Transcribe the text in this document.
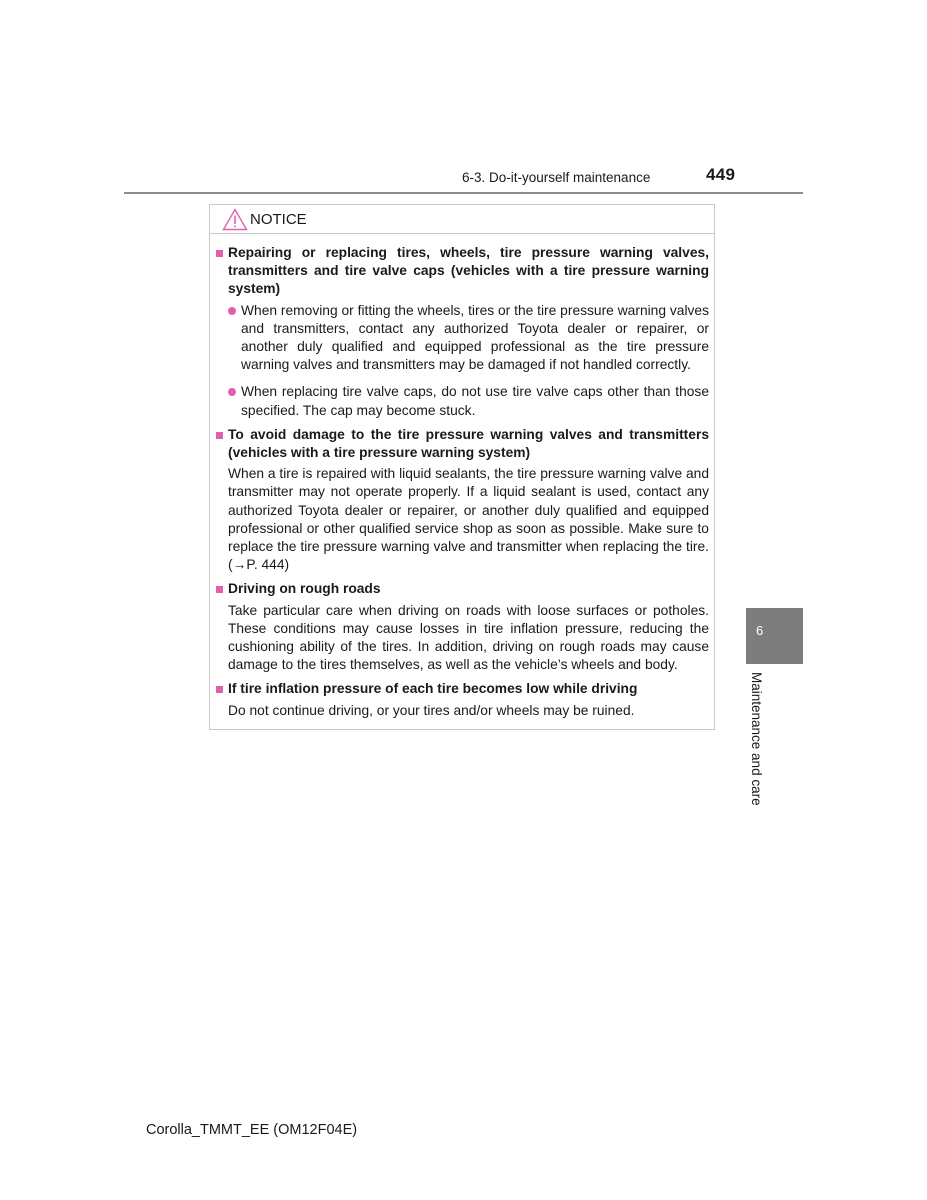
6-3. Do-it-yourself maintenance	449
NOTICE
Repairing or replacing tires, wheels, tire pressure warning valves, transmitters and tire valve caps (vehicles with a tire pressure warning system)
When removing or fitting the wheels, tires or the tire pressure warning valves and transmitters, contact any authorized Toyota dealer or repairer, or another duly qualified and equipped professional as the tire pressure warning valves and transmitters may be damaged if not handled correctly.
When replacing tire valve caps, do not use tire valve caps other than those specified. The cap may become stuck.
To avoid damage to the tire pressure warning valves and transmitters (vehicles with a tire pressure warning system)
When a tire is repaired with liquid sealants, the tire pressure warning valve and transmitter may not operate properly. If a liquid sealant is used, contact any authorized Toyota dealer or repairer, or another duly qualified and equipped professional or other qualified service shop as soon as possible. Make sure to replace the tire pressure warning valve and transmitter when replacing the tire. (→P. 444)
Driving on rough roads
Take particular care when driving on roads with loose surfaces or potholes. These conditions may cause losses in tire inflation pressure, reducing the cushioning ability of the tires. In addition, driving on rough roads may cause damage to the tires themselves, as well as the vehicle’s wheels and body.
If tire inflation pressure of each tire becomes low while driving
Do not continue driving, or your tires and/or wheels may be ruined.
6
Maintenance and care
Corolla_TMMT_EE (OM12F04E)
